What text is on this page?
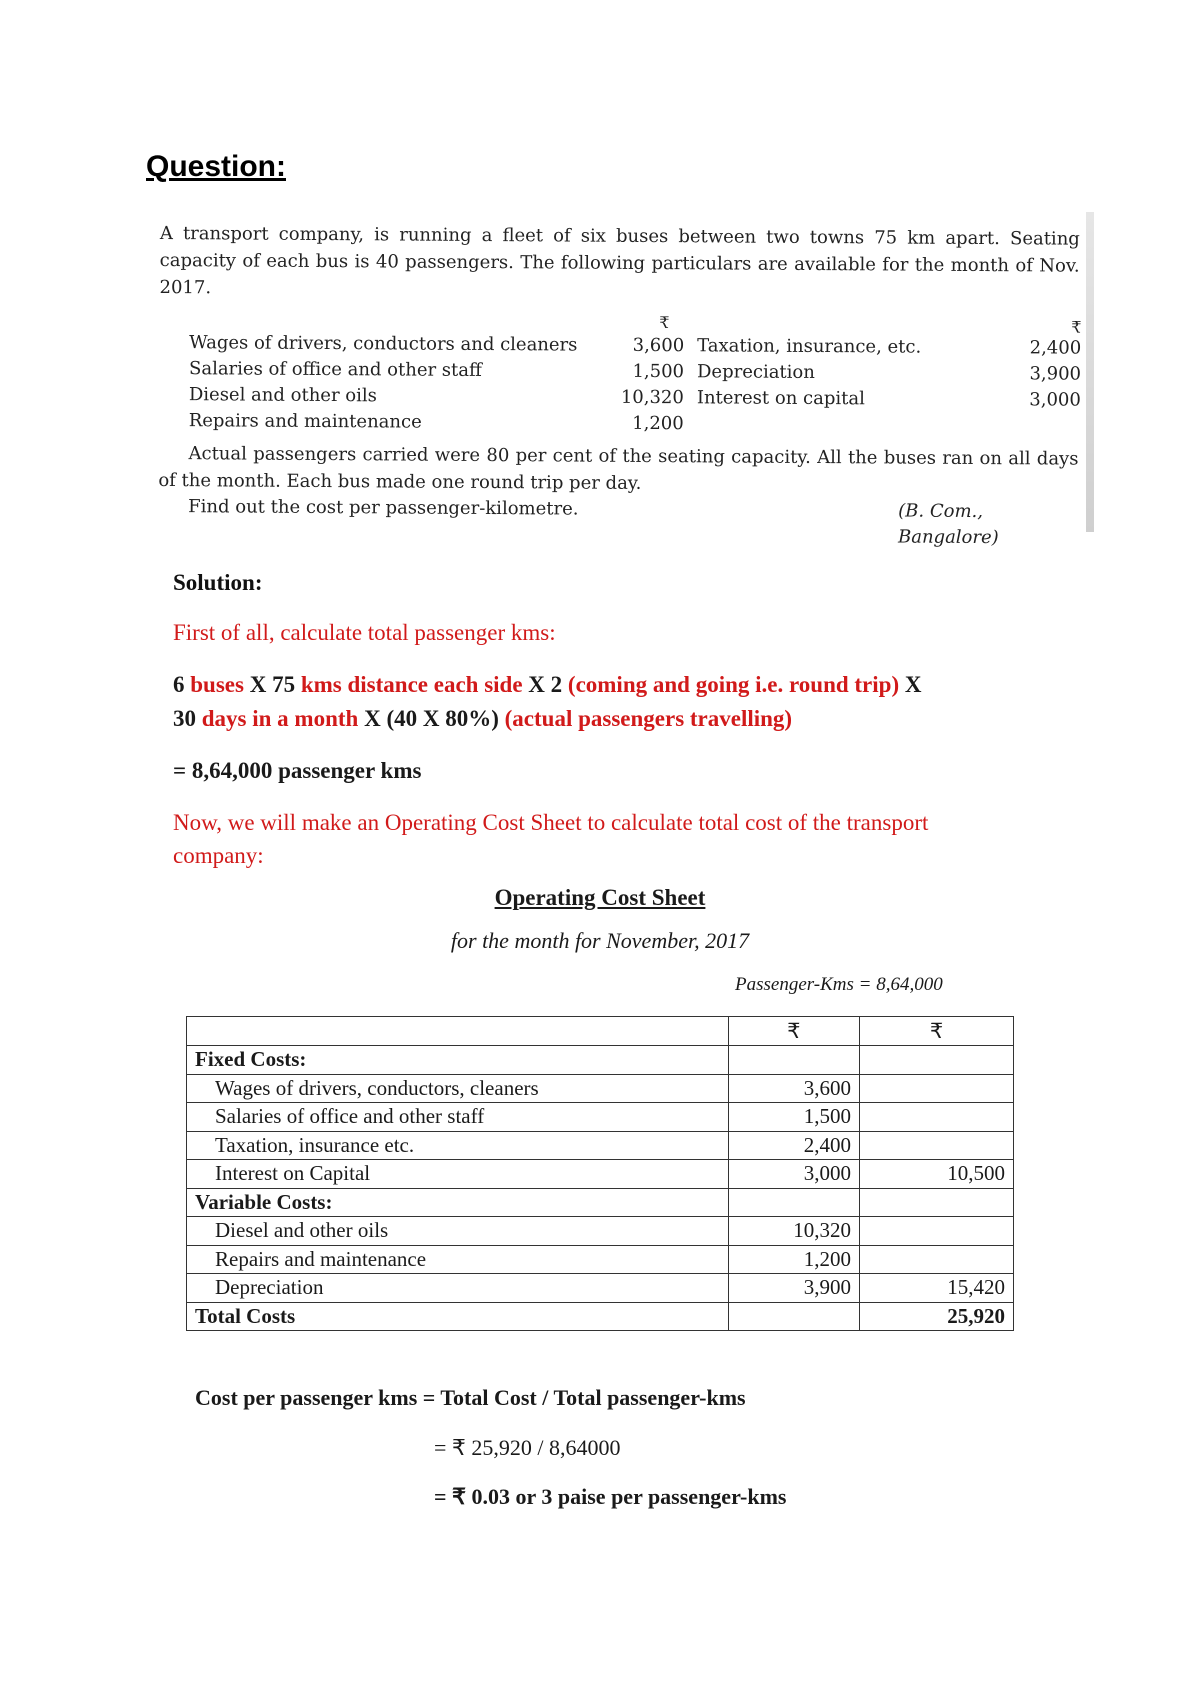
Question:
A transport company, is running a fleet of six buses between two towns 75 km apart. Seating capacity of each bus is 40 passengers. The following particulars are available for the month of Nov. 2017.
₹	₹
Wages of drivers, conductors and cleaners	3,600 Taxation, insurance, etc.	2,400
Salaries of office and other staff	1,500 Depreciation	3,900
Diesel and other oils	10,320 Interest on capital	3,000
Repairs and maintenance	1,200
Actual passengers carried were 80 per cent of the seating capacity. All the buses ran on all days of the month. Each bus made one round trip per day.
Find out the cost per passenger-kilometre.	(B. Com., Bangalore)
Solution:
First of all, calculate total passenger kms:
6 buses X 75 kms distance each side X 2 (coming and going i.e. round trip) X
30 days in a month X (40 X 80%) (actual passengers travelling)
= 8,64,000 passenger kms
Now, we will make an Operating Cost Sheet to calculate total cost of the transport
company:
Operating Cost Sheet
for the month for November, 2017
Passenger-Kms = 8,64,000
	₹	₹
Fixed Costs:		
Wages of drivers, conductors, cleaners	3,600	
Salaries of office and other staff	1,500	
Taxation, insurance etc.	2,400	
Interest on Capital	3,000	10,500
Variable Costs:		
Diesel and other oils	10,320	
Repairs and maintenance	1,200	
Depreciation	3,900	15,420
Total Costs		25,920
Cost per passenger kms = Total Cost / Total passenger-kms
= ₹ 25,920 / 8,64000
= ₹ 0.03 or 3 paise per passenger-kms
